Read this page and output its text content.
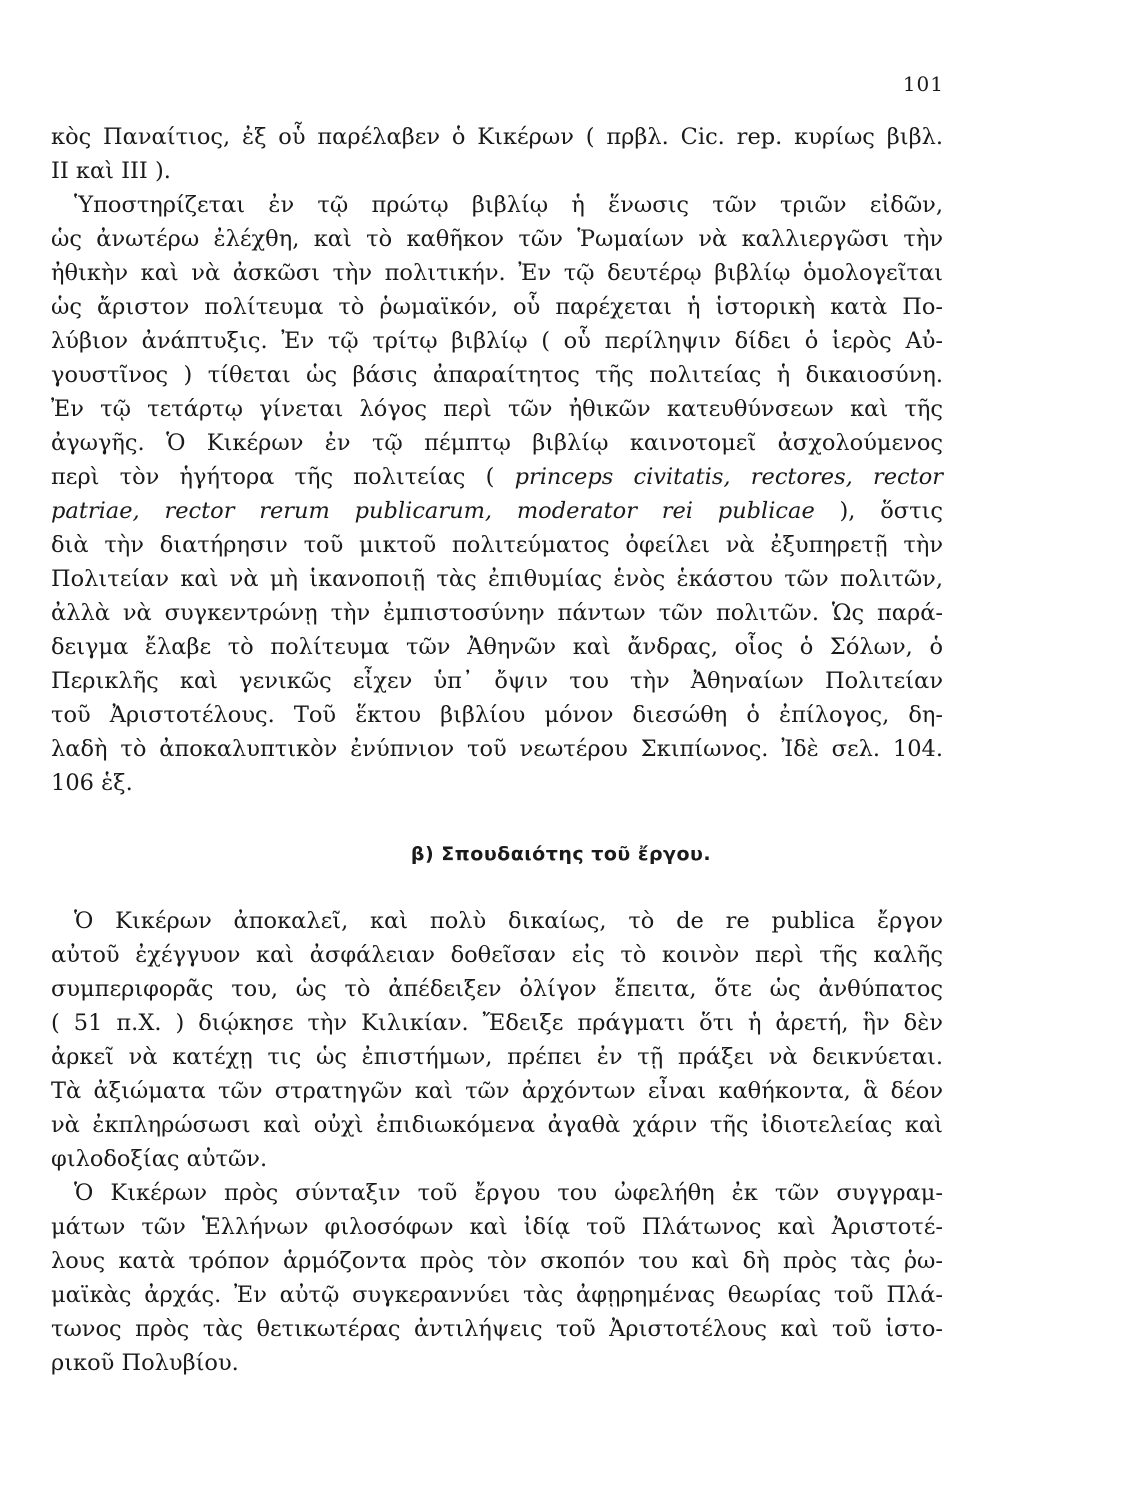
101
κὸς Παναίτιος, ἐξ οὗ παρέλαβεν ὁ Κικέρων ( πρβλ. Cic. rep. κυρίως βιβλ.
II καὶ III ).
Ὑποστηρίζεται ἐν τῷ πρώτῳ βιβλίῳ ἡ ἕνωσις τῶν τριῶν εἰδῶν,
ὡς ἀνωτέρω ἐλέχθη, καὶ τὸ καθῆκον τῶν Ῥωμαίων νὰ καλλιεργῶσι τὴν
ἠθικὴν καὶ νὰ ἀσκῶσι τὴν πολιτικήν. Ἐν τῷ δευτέρῳ βιβλίῳ ὁμολογεῖται
ὡς ἄριστον πολίτευμα τὸ ῥωμαϊκόν, οὗ παρέχεται ἡ ἱστορικὴ κατὰ Πο-
λύβιον ἀνάπτυξις. Ἐν τῷ τρίτῳ βιβλίῳ ( οὗ περίληψιν δίδει ὁ ἱερὸς Αὐ-
γουστῖνος ) τίθεται ὡς βάσις ἀπαραίτητος τῆς πολιτείας ἡ δικαιοσύνη.
Ἐν τῷ τετάρτῳ γίνεται λόγος περὶ τῶν ἠθικῶν κατευθύνσεων καὶ τῆς
ἀγωγῆς. Ὁ Κικέρων ἐν τῷ πέμπτῳ βιβλίῳ καινοτομεῖ ἀσχολούμενος
περὶ τὸν ἡγήτορα τῆς πολιτείας ( princeps civitatis, rectores, rector
patriae, rector rerum publicarum, moderator rei publicae ), ὅστις
διὰ τὴν διατήρησιν τοῦ μικτοῦ πολιτεύματος ὀφείλει νὰ ἐξυπηρετῇ τὴν
Πολιτείαν καὶ νὰ μὴ ἱκανοποιῇ τὰς ἐπιθυμίας ἑνὸς ἑκάστου τῶν πολιτῶν,
ἀλλὰ νὰ συγκεντρώνῃ τὴν ἐμπιστοσύνην πάντων τῶν πολιτῶν. Ὡς παρά-
δειγμα ἔλαβε τὸ πολίτευμα τῶν Ἀθηνῶν καὶ ἄνδρας, οἷος ὁ Σόλων, ὁ
Περικλῆς καὶ γενικῶς εἶχεν ὑπ᾽ ὄψιν του τὴν Ἀθηναίων Πολιτείαν
τοῦ Ἀριστοτέλους. Τοῦ ἕκτου βιβλίου μόνον διεσώθη ὁ ἐπίλογος, δη-
λαδὴ τὸ ἀποκαλυπτικὸν ἐνύπνιον τοῦ νεωτέρου Σκιπίωνος. Ἰδὲ σελ. 104.
106 ἑξ.
β) Σπουδαιότης τοῦ ἔργου.
Ὁ Κικέρων ἀποκαλεῖ, καὶ πολὺ δικαίως, τὸ de re publica ἔργον
αὐτοῦ ἐχέγγυον καὶ ἀσφάλειαν δοθεῖσαν εἰς τὸ κοινὸν περὶ τῆς καλῆς
συμπεριφορᾶς του, ὡς τὸ ἀπέδειξεν ὀλίγον ἔπειτα, ὅτε ὡς ἀνθύπατος
( 51 π.Χ. ) διῴκησε τὴν Κιλικίαν. Ἔδειξε πράγματι ὅτι ἡ ἀρετή, ἣν δὲν
ἀρκεῖ νὰ κατέχῃ τις ὡς ἐπιστήμων, πρέπει ἐν τῇ πράξει νὰ δεικνύεται.
Τὰ ἀξιώματα τῶν στρατηγῶν καὶ τῶν ἀρχόντων εἶναι καθήκοντα, ἃ δέον
νὰ ἐκπληρώσωσι καὶ οὐχὶ ἐπιδιωκόμενα ἀγαθὰ χάριν τῆς ἰδιοτελείας καὶ
φιλοδοξίας αὐτῶν.
Ὁ Κικέρων πρὸς σύνταξιν τοῦ ἔργου του ὠφελήθη ἐκ τῶν συγγραμ-
μάτων τῶν Ἑλλήνων φιλοσόφων καὶ ἰδίᾳ τοῦ Πλάτωνος καὶ Ἀριστοτέ-
λους κατὰ τρόπον ἁρμόζοντα πρὸς τὸν σκοπόν του καὶ δὴ πρὸς τὰς ῥω-
μαϊκὰς ἀρχάς. Ἐν αὐτῷ συγκεραννύει τὰς ἀφῃρημένας θεωρίας τοῦ Πλά-
τωνος πρὸς τὰς θετικωτέρας ἀντιλήψεις τοῦ Ἀριστοτέλους καὶ τοῦ ἱστο-
ρικοῦ Πολυβίου.
